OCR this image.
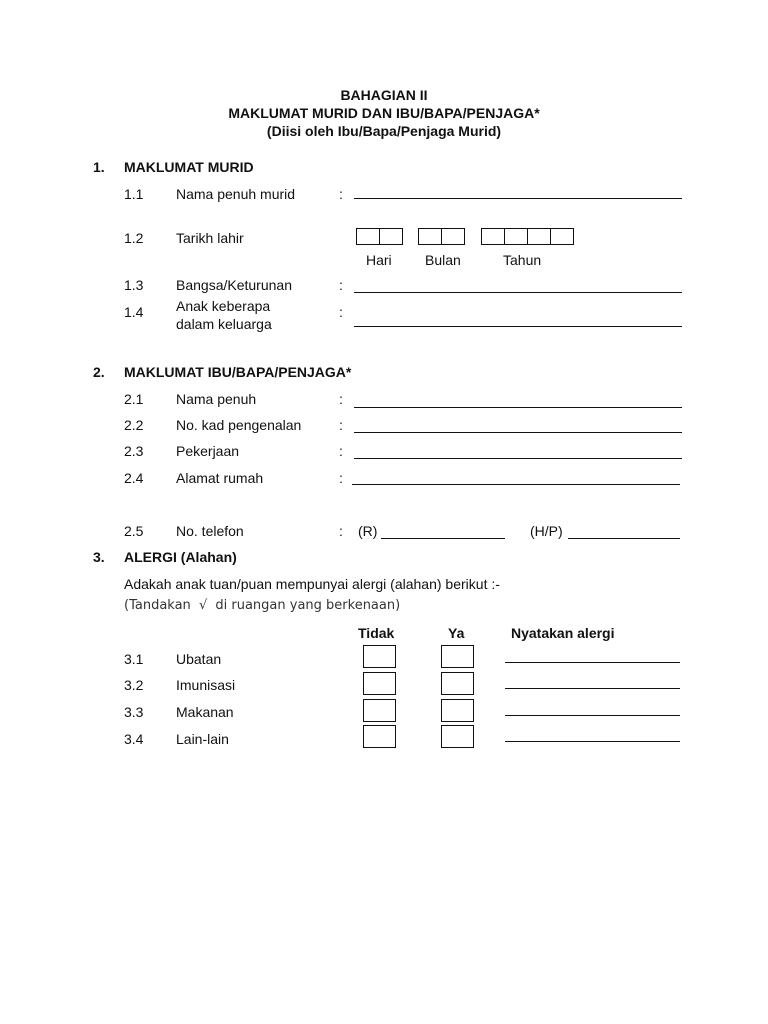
BAHAGIAN II
MAKLUMAT MURID DAN IBU/BAPA/PENJAGA*
(Diisi oleh Ibu/Bapa/Penjaga Murid)
1. MAKLUMAT MURID
1.1 Nama penuh murid	:
1.2 Tarikh lahir
Hari Bulan	Tahun
1.3 Bangsa/Keturunan	:
1.4 Anak keberapa
dalam keluarga
:
2. MAKLUMAT IBU/BAPA/PENJAGA*
2.1 Nama penuh	:
2.2 No. kad pengenalan	:
2.3 Pekerjaan	:
2.4 Alamat rumah	:
2.5 No. telefon	: (R)	(H/P)
3. ALERGI (Alahan)
Adakah anak tuan/puan mempunyai alergi (alahan) berikut :-
(Tandakan √ di ruangan yang berkenaan)
Tidak	Ya	Nyatakan alergi
3.1 Ubatan
3.2 Imunisasi
3.3 Makanan
3.4 Lain-lain
